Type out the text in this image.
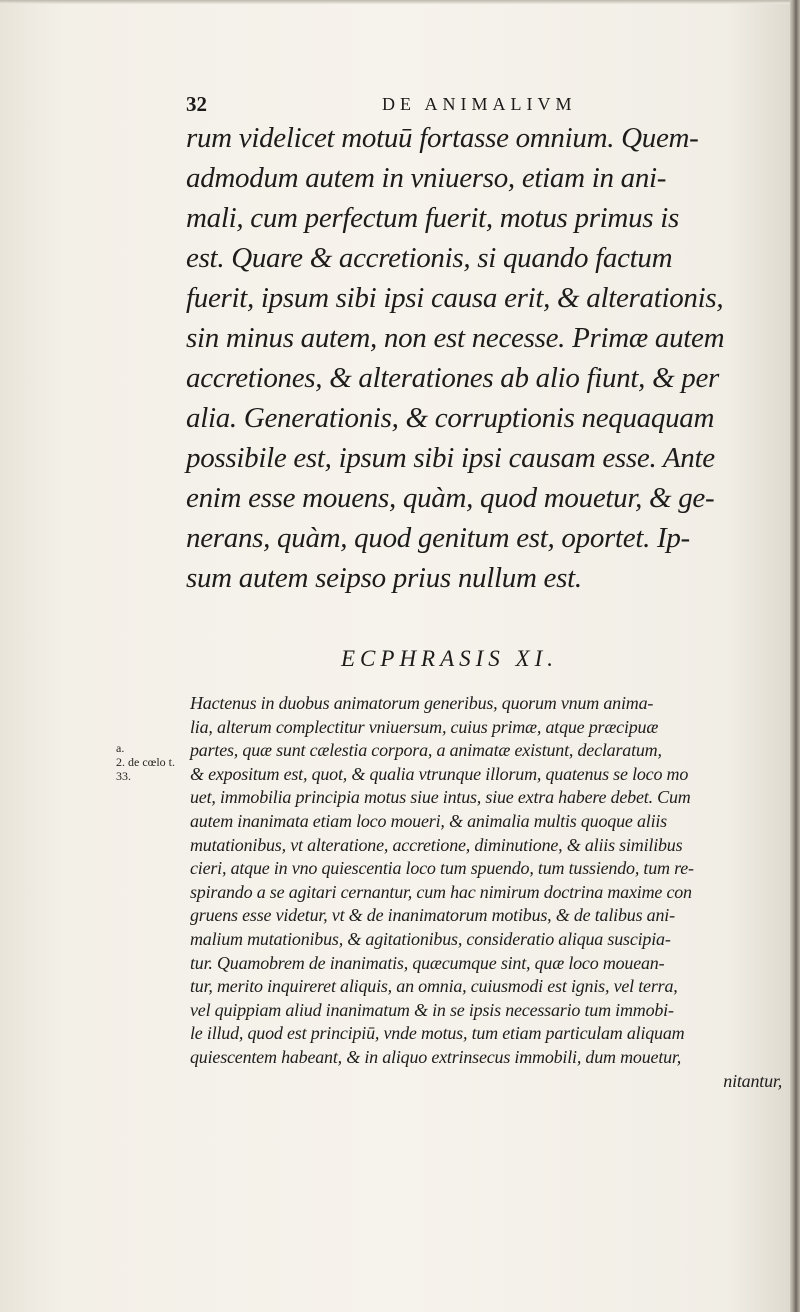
32	DE ANIMALIVM
rum videlicet motuū fortasse omnium. Quem-
admodum autem in vniuerso, etiam in ani-
mali, cum perfectum fuerit, motus primus is
est. Quare & accretionis, si quando factum
fuerit, ipsum sibi ipsi causa erit, & alterationis,
sin minus autem, non est necesse. Primæ autem
accretiones, & alterationes ab alio fiunt, & per
alia. Generationis, & corruptionis nequaquam
possibile est, ipsum sibi ipsi causam esse. Ante
enim esse mouens, quàm, quod mouetur, & ge-
nerans, quàm, quod genitum est, oportet. Ip-
sum autem seipso prius nullum est.
ECPHRASIS XI.
a.
2. de cœlo t.
33.
Hactenus in duobus animatorum generibus, quorum vnum anima-
lia, alterum complectitur vniuersum, cuius primæ, atque præcipuæ
partes, quæ sunt cælestia corpora, a animatæ existunt, declaratum,
& expositum est, quot, & qualia vtrunque illorum, quatenus se loco mo
uet, immobilia principia motus siue intus, siue extra habere debet. Cum
autem inanimata etiam loco moueri, & animalia multis quoque aliis
mutationibus, vt alteratione, accretione, diminutione, & aliis similibus
cieri, atque in vno quiescentia loco tum spuendo, tum tussiendo, tum re-
spirando a se agitari cernantur, cum hac nimirum doctrina maxime con
gruens esse videtur, vt & de inanimatorum motibus, & de talibus ani-
malium mutationibus, & agitationibus, consideratio aliqua suscipia-
tur. Quamobrem de inanimatis, quæcumque sint, quæ loco mouean-
tur, merito inquireret aliquis, an omnia, cuiusmodi est ignis, vel terra,
vel quippiam aliud inanimatum & in se ipsis necessario tum immobi-
le illud, quod est principiū, vnde motus, tum etiam particulam aliquam
quiescentem habeant, & in aliquo extrinsecus immobili, dum mouetur,
nitantur,
